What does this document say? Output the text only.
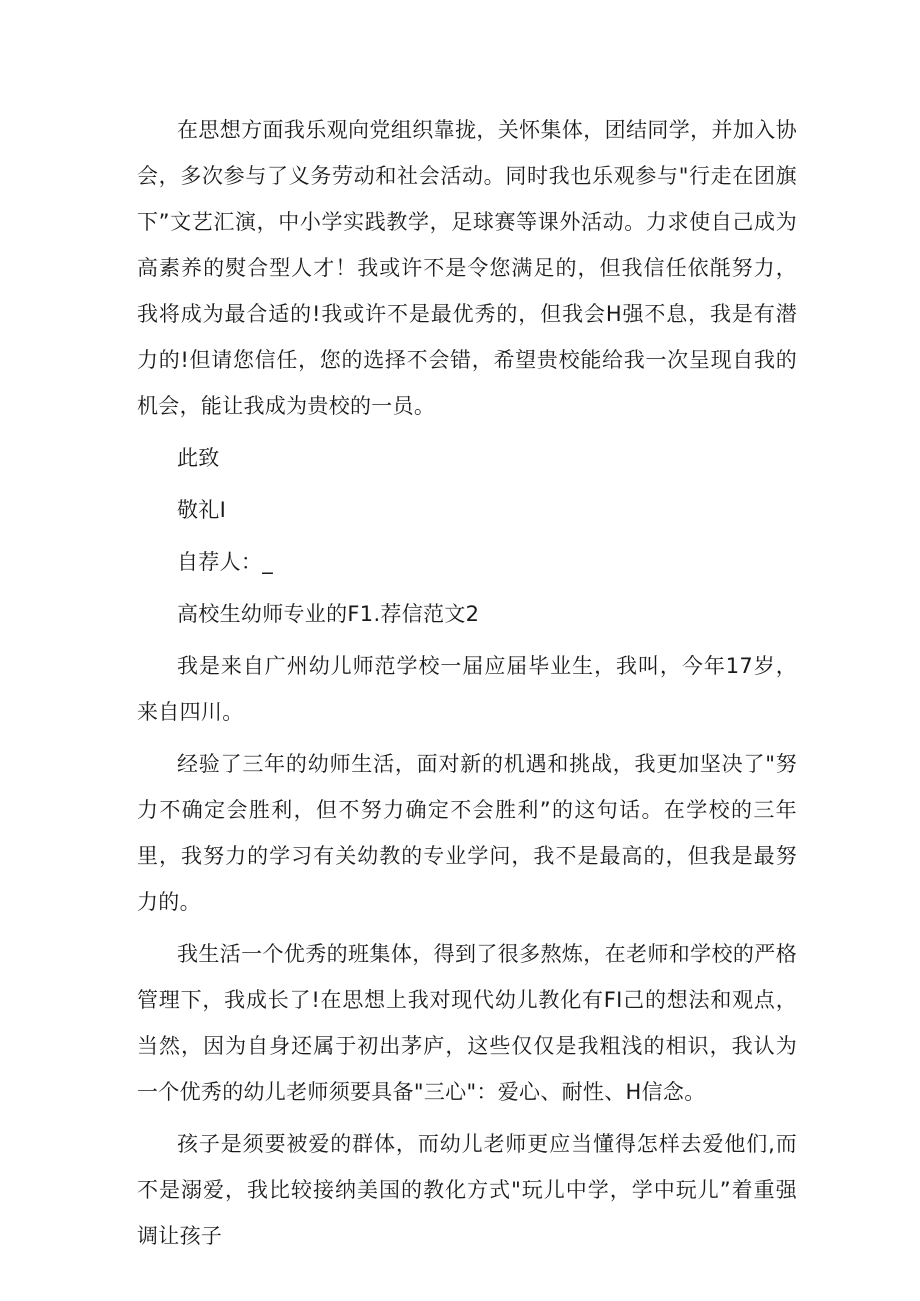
在思想方面我乐观向党组织靠拢，关怀集体，团结同学，并加入协会，多次参与了义务劳动和社会活动。同时我也乐观参与"行走在团旗下”文艺汇演，中小学实践教学，足球赛等课外活动。力求使自己成为高素养的熨合型人才！我或许不是令您满足的，但我信任依㲖努力，我将成为最合适的!我或许不是最优秀的，但我会H强不息，我是有潜力的!但请您信任，您的选择不会错，希望贵校能给我一次呈现自我的机会，能让我成为贵校的一员。

此致

敬礼I

自荐人：_

高校生幼师专业的F1.荐信范文2

我是来自广州幼儿师范学校一届应届毕业生，我叫，今年17岁，来自四川。

经验了三年的幼师生活，面对新的机遇和挑战，我更加坚决了"努力不确定会胜利，但不努力确定不会胜利”的这句话。在学校的三年里，我努力的学习有关幼教的专业学问，我不是最高的，但我是最努力的。

我生活一个优秀的班集体，得到了很多熬炼，在老师和学校的严格管理下，我成长了!在思想上我对现代幼儿教化有FI己的想法和观点，当然，因为自身还属于初出茅庐，这些仅仅是我粗浅的相识，我认为一个优秀的幼儿老师须要具备"三心"：爱心、耐性、H信念。

孩子是须要被爱的群体，而幼儿老师更应当懂得怎样去爱他们,而不是溺爱，我比较接纳美国的教化方式"玩儿中学，学中玩儿”着重强调让孩子
